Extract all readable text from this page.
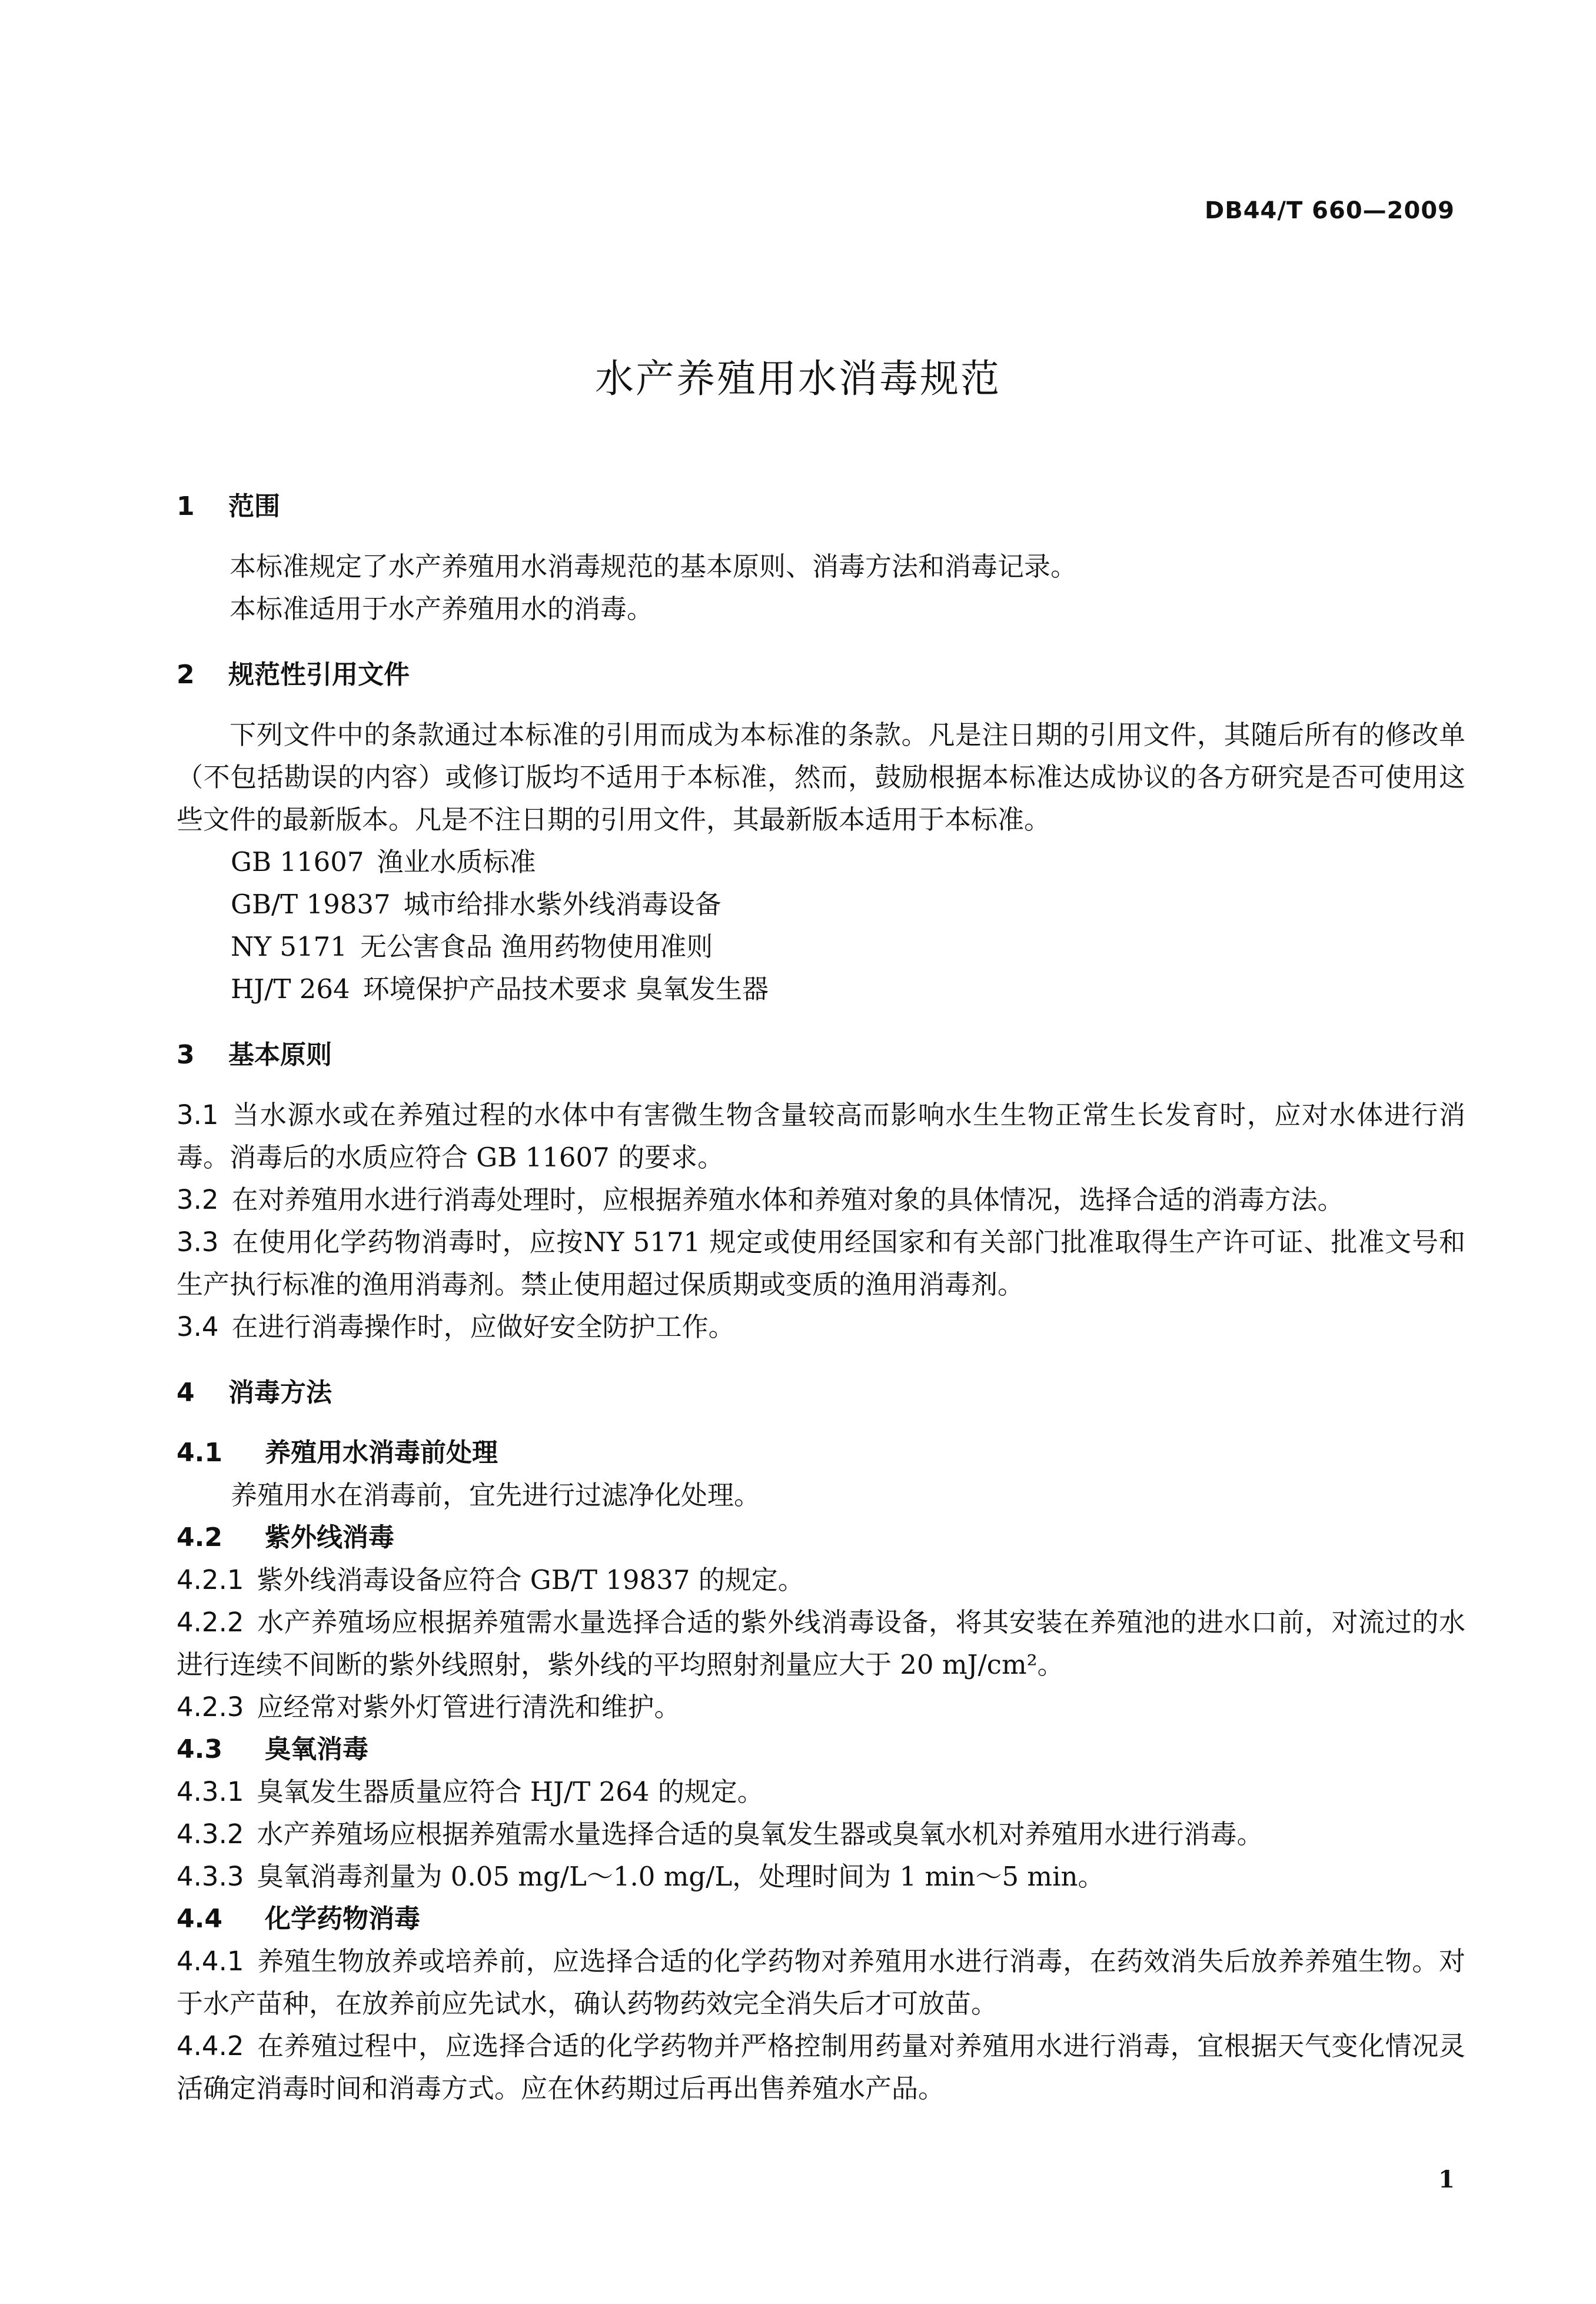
DB44/T 660—2009
水产养殖用水消毒规范
1 范围

本标准规定了水产养殖用水消毒规范的基本原则、消毒方法和消毒记录。

本标准适用于水产养殖用水的消毒。

2 规范性引用文件

下列文件中的条款通过本标准的引用而成为本标准的条款。凡是注日期的引用文件，其随后所有的修改单（不包括勘误的内容）或修订版均不适用于本标准，然而，鼓励根据本标准达成协议的各方研究是否可使用这些文件的最新版本。凡是不注日期的引用文件，其最新版本适用于本标准。

GB 11607 渔业水质标准

GB/T 19837 城市给排水紫外线消毒设备

NY 5171 无公害食品 渔用药物使用准则

HJ/T 264 环境保护产品技术要求 臭氧发生器

3 基本原则

3.1 当水源水或在养殖过程的水体中有害微生物含量较高而影响水生生物正常生长发育时，应对水体进行消毒。消毒后的水质应符合 GB 11607 的要求。

3.2 在对养殖用水进行消毒处理时，应根据养殖水体和养殖对象的具体情况，选择合适的消毒方法。

3.3 在使用化学药物消毒时，应按NY 5171 规定或使用经国家和有关部门批准取得生产许可证、批准文号和生产执行标准的渔用消毒剂。禁止使用超过保质期或变质的渔用消毒剂。

3.4 在进行消毒操作时，应做好安全防护工作。

4 消毒方法
4.1 养殖用水消毒前处理

养殖用水在消毒前，宜先进行过滤净化处理。

4.2 紫外线消毒

4.2.1 紫外线消毒设备应符合 GB/T 19837 的规定。

4.2.2 水产养殖场应根据养殖需水量选择合适的紫外线消毒设备，将其安装在养殖池的进水口前，对流过的水进行连续不间断的紫外线照射，紫外线的平均照射剂量应大于 20 mJ/cm²。

4.2.3 应经常对紫外灯管进行清洗和维护。

4.3 臭氧消毒

4.3.1 臭氧发生器质量应符合 HJ/T 264 的规定。

4.3.2 水产养殖场应根据养殖需水量选择合适的臭氧发生器或臭氧水机对养殖用水进行消毒。

4.3.3 臭氧消毒剂量为 0.05 mg/L～1.0 mg/L，处理时间为 1 min～5 min。

4.4 化学药物消毒

4.4.1 养殖生物放养或培养前，应选择合适的化学药物对养殖用水进行消毒，在药效消失后放养养殖生物。对于水产苗种，在放养前应先试水，确认药物药效完全消失后才可放苗。

4.4.2 在养殖过程中，应选择合适的化学药物并严格控制用药量对养殖用水进行消毒，宜根据天气变化情况灵活确定消毒时间和消毒方式。应在休药期过后再出售养殖水产品。

1
